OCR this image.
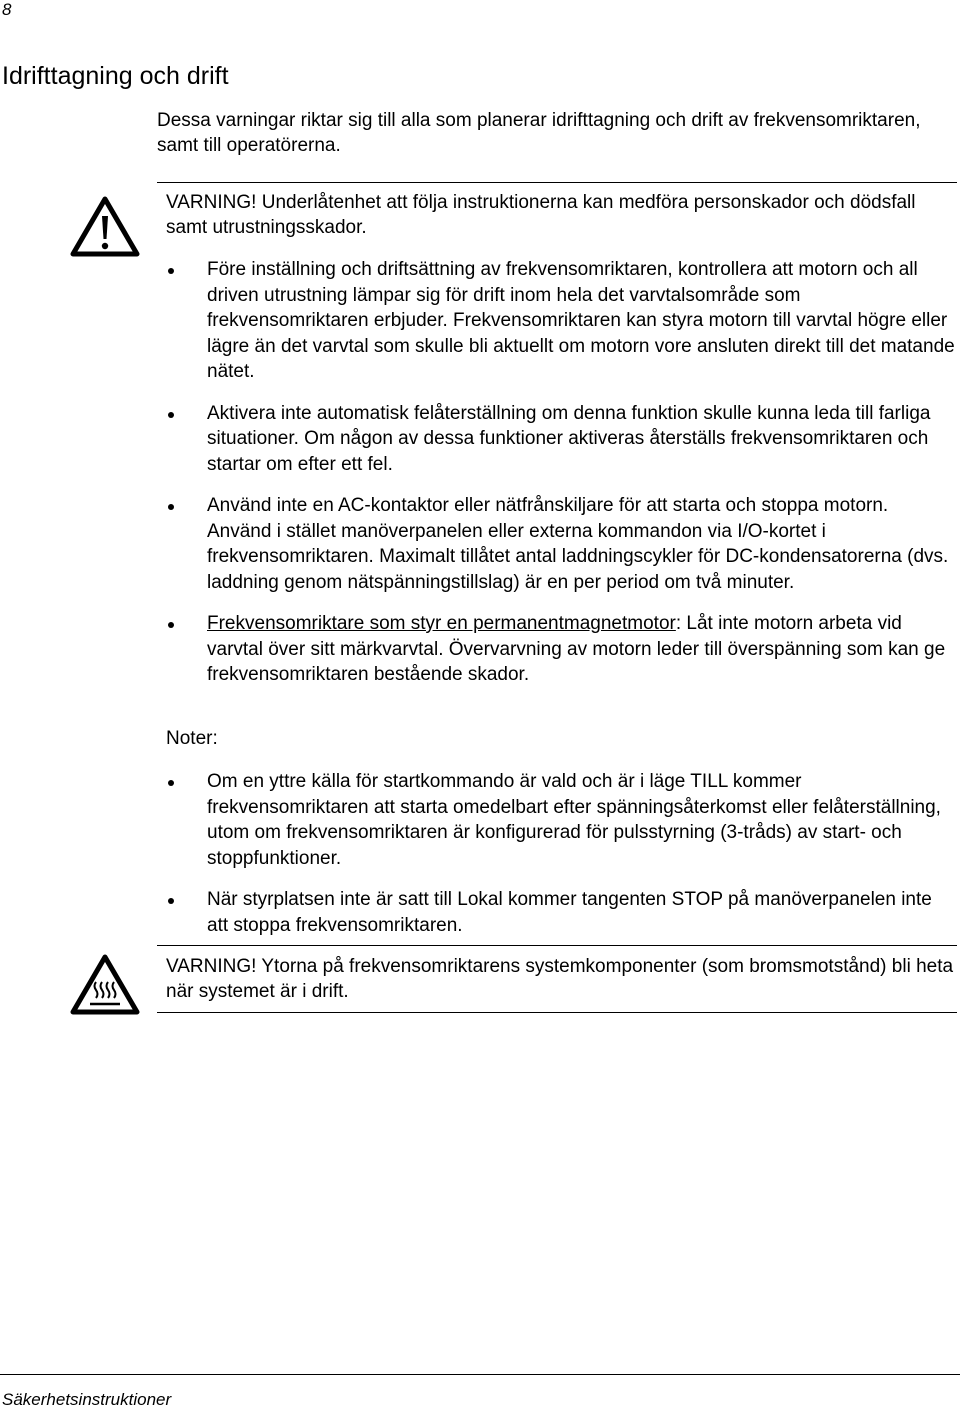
8
Idrifttagning och drift

Dessa varningar riktar sig till alla som planerar idrifttagning och drift av frekvensomriktaren, samt till operatörerna.

VARNING! Underlåtenhet att följa instruktionerna kan medföra personskador och dödsfall samt utrustningsskador.

Före inställning och driftsättning av frekvensomriktaren, kontrollera att motorn och all driven utrustning lämpar sig för drift inom hela det varvtalsområde som frekvensomriktaren erbjuder. Frekvensomriktaren kan styra motorn till varvtal högre eller lägre än det varvtal som skulle bli aktuellt om motorn vore ansluten direkt till det matande nätet.
Aktivera inte automatisk felåterställning om denna funktion skulle kunna leda till farliga situationer. Om någon av dessa funktioner aktiveras återställs frekvensomriktaren och startar om efter ett fel.
Använd inte en AC-kontaktor eller nätfrånskiljare för att starta och stoppa motorn. Använd i stället manöverpanelen eller externa kommandon via I/O-kortet i frekvensomriktaren. Maximalt tillåtet antal laddningscykler för DC-kondensatorerna (dvs. laddning genom nätspänningstillslag) är en per period om två minuter.
Frekvensomriktare som styr en permanentmagnetmotor: Låt inte motorn arbeta vid varvtal över sitt märkvarvtal. Övervarvning av motorn leder till överspänning som kan ge frekvensomriktaren bestående skador.

Noter:

Om en yttre källa för startkommando är vald och är i läge TILL kommer frekvensomriktaren att starta omedelbart efter spänningsåterkomst eller felåterställning, utom om frekvensomriktaren är konfigurerad för pulsstyrning (3-tråds) av start- och stoppfunktioner.
När styrplatsen inte är satt till Lokal kommer tangenten STOP på manöverpanelen inte att stoppa frekvensomriktaren.

VARNING! Ytorna på frekvensomriktarens systemkomponenter (som bromsmotstånd) bli heta när systemet är i drift.

Säkerhetsinstruktioner
